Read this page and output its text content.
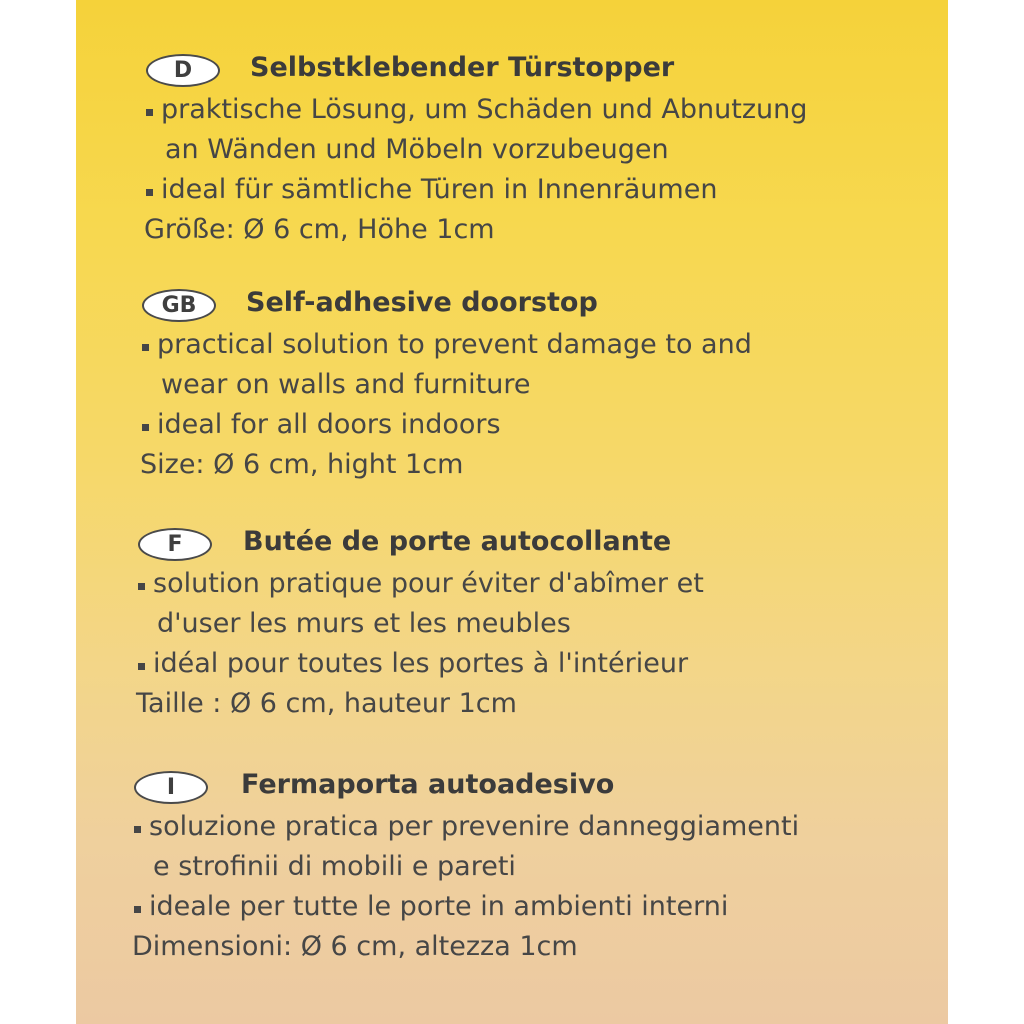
D Selbstklebender Türstopper
praktische Lösung, um Schäden und Abnutzung
an Wänden und Möbeln vorzubeugen
ideal für sämtliche Türen in Innenräumen
Größe: Ø 6 cm, Höhe 1cm
GB Self-adhesive doorstop
practical solution to prevent damage to and
wear on walls and furniture
ideal for all doors indoors
Size: Ø 6 cm, hight 1cm
F Butée de porte autocollante
solution pratique pour éviter d'abîmer et
d'user les murs et les meubles
idéal pour toutes les portes à l'intérieur
Taille : Ø 6 cm, hauteur 1cm
I Fermaporta autoadesivo
soluzione pratica per prevenire danneggiamenti
e strofinii di mobili e pareti
ideale per tutte le porte in ambienti interni
Dimensioni: Ø 6 cm, altezza 1cm
